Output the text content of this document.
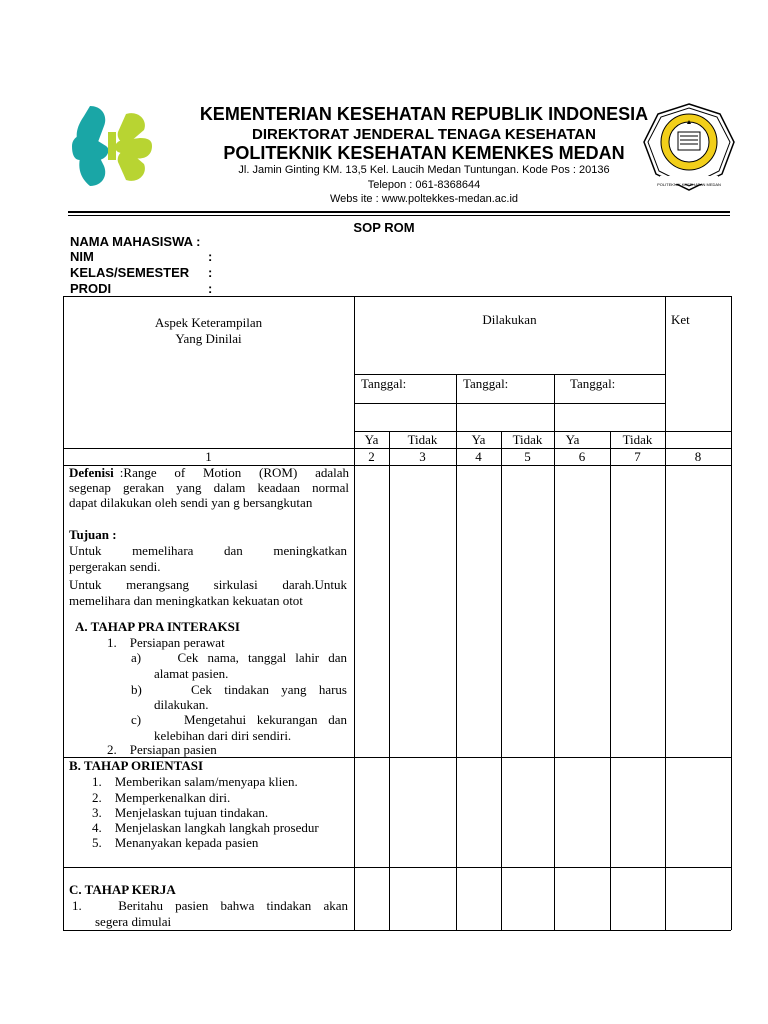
KEMENTERIAN KESEHATAN REPUBLIK INDONESIA
DIREKTORAT JENDERAL TENAGA KESEHATAN
POLITEKNIK KESEHATAN KEMENKES MEDAN
Jl. Jamin Ginting KM. 13,5 Kel. Laucih Medan Tuntungan. Kode Pos : 20136
Telepon : 061-8368644
Webs ite : www.poltekkes-medan.ac.id
POLITEKNIK KESEHATAN MEDAN
SOP ROM
NAMA MAHASISWA :
NIM	:
KELAS/SEMESTER :
PRODI	:
Aspek Keterampilan
Yang Dinilai
Dilakukan	Ket
Tanggal:	Tanggal:	Tanggal:
Ya	Tidak	Ya	Tidak	Ya	Tidak
1	2	3	4	5	6	7	8
Defenisi :Range of Motion (ROM) adalah
segenap gerakan yang dalam keadaan normal
dapat dilakukan oleh sendi yan g bersangkutan
Tujuan :
Untuk memelihara dan meningkatkan
pergerakan sendi.
Untuk merangsang sirkulasi darah.Untuk
memelihara dan meningkatkan kekuatan otot
A. TAHAP PRA INTERAKSI
1.    Persiapan perawat
a)    Cek nama, tanggal lahir dan
alamat pasien.
b)    Cek tindakan yang harus
dilakukan.
c)    Mengetahui kekurangan dan
kelebihan dari diri sendiri.
2.    Persiapan pasien
B. TAHAP ORIENTASI
1.    Memberikan salam/menyapa klien.
2.    Memperkenalkan diri.
3.    Menjelaskan tujuan tindakan.
4.    Menjelaskan langkah langkah prosedur
5.    Menanyakan kepada pasien
C. TAHAP KERJA
1.   Beritahu pasien bahwa tindakan akan
segera dimulai
